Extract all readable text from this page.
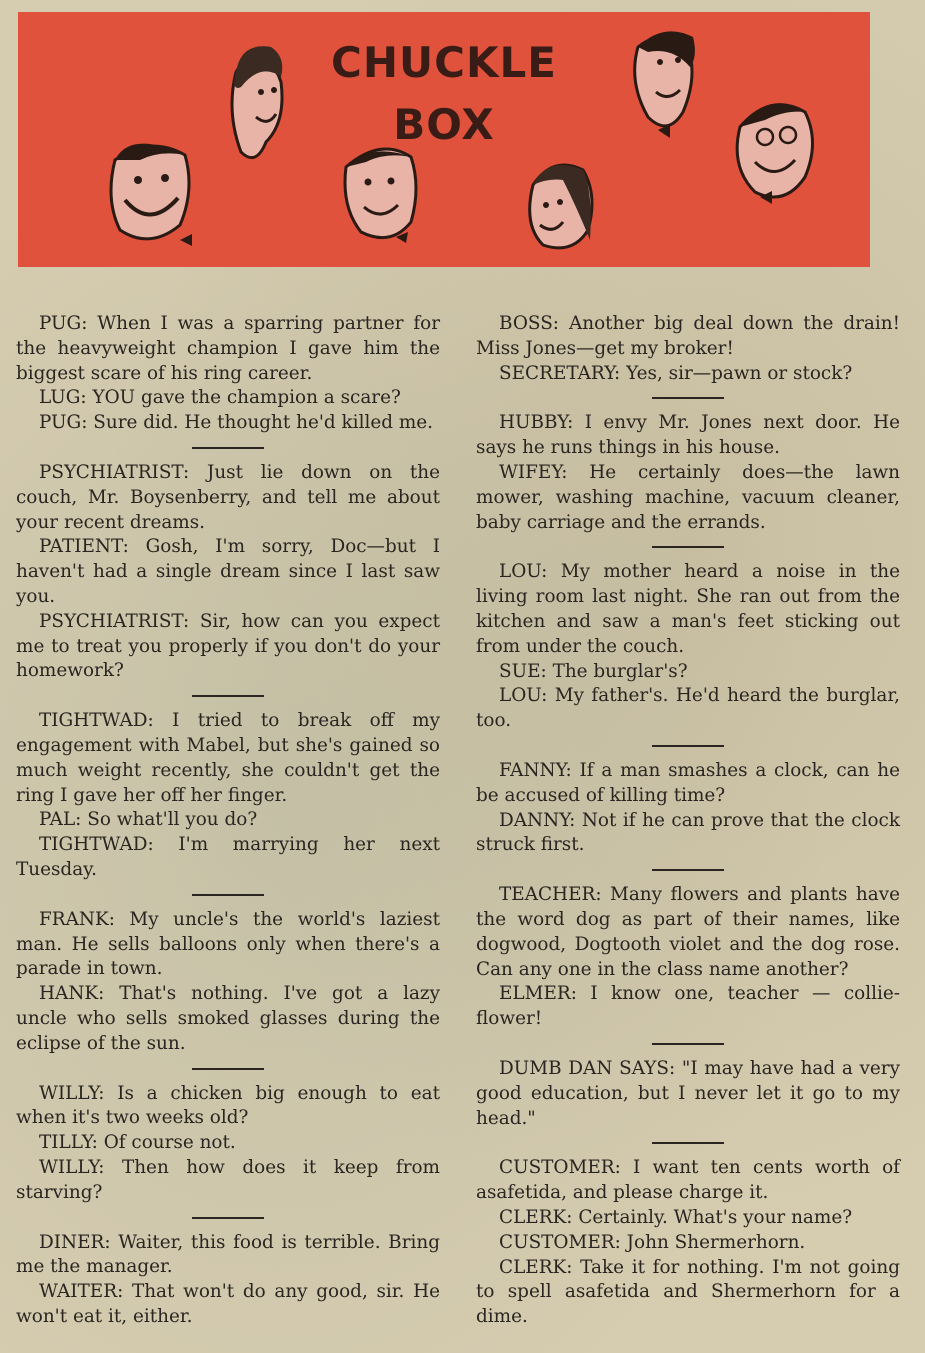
CHUCKLE
BOX

PUG: When I was a sparring partner for the heavyweight champion I gave him the biggest scare of his ring career.

LUG: YOU gave the champion a scare?

PUG: Sure did. He thought he'd killed me.

PSYCHIATRIST: Just lie down on the couch, Mr. Boysenberry, and tell me about your recent dreams.

PATIENT: Gosh, I'm sorry, Doc—but I haven't had a single dream since I last saw you.

PSYCHIATRIST: Sir, how can you expect me to treat you properly if you don't do your homework?

TIGHTWAD: I tried to break off my engagement with Mabel, but she's gained so much weight recently, she couldn't get the ring I gave her off her finger.

PAL: So what'll you do?

TIGHTWAD: I'm marrying her next Tuesday.

FRANK: My uncle's the world's laziest man. He sells balloons only when there's a parade in town.

HANK: That's nothing. I've got a lazy uncle who sells smoked glasses during the eclipse of the sun.

WILLY: Is a chicken big enough to eat when it's two weeks old?

TILLY: Of course not.

WILLY: Then how does it keep from starving?

DINER: Waiter, this food is terrible. Bring me the manager.

WAITER: That won't do any good, sir. He won't eat it, either.

BOSS: Another big deal down the drain! Miss Jones—get my broker!

SECRETARY: Yes, sir—pawn or stock?

HUBBY: I envy Mr. Jones next door. He says he runs things in his house.

WIFEY: He certainly does—the lawn mower, washing machine, vacuum cleaner, baby carriage and the errands.

LOU: My mother heard a noise in the living room last night. She ran out from the kitchen and saw a man's feet sticking out from under the couch.

SUE: The burglar's?

LOU: My father's. He'd heard the burglar, too.

FANNY: If a man smashes a clock, can he be accused of killing time?

DANNY: Not if he can prove that the clock struck first.

TEACHER: Many flowers and plants have the word dog as part of their names, like dogwood, Dogtooth violet and the dog rose. Can any one in the class name another?

ELMER: I know one, teacher — collie-flower!

DUMB DAN SAYS: "I may have had a very good education, but I never let it go to my head."

CUSTOMER: I want ten cents worth of asafetida, and please charge it.

CLERK: Certainly. What's your name?

CUSTOMER: John Shermerhorn.

CLERK: Take it for nothing. I'm not going to spell asafetida and Shermerhorn for a dime.
